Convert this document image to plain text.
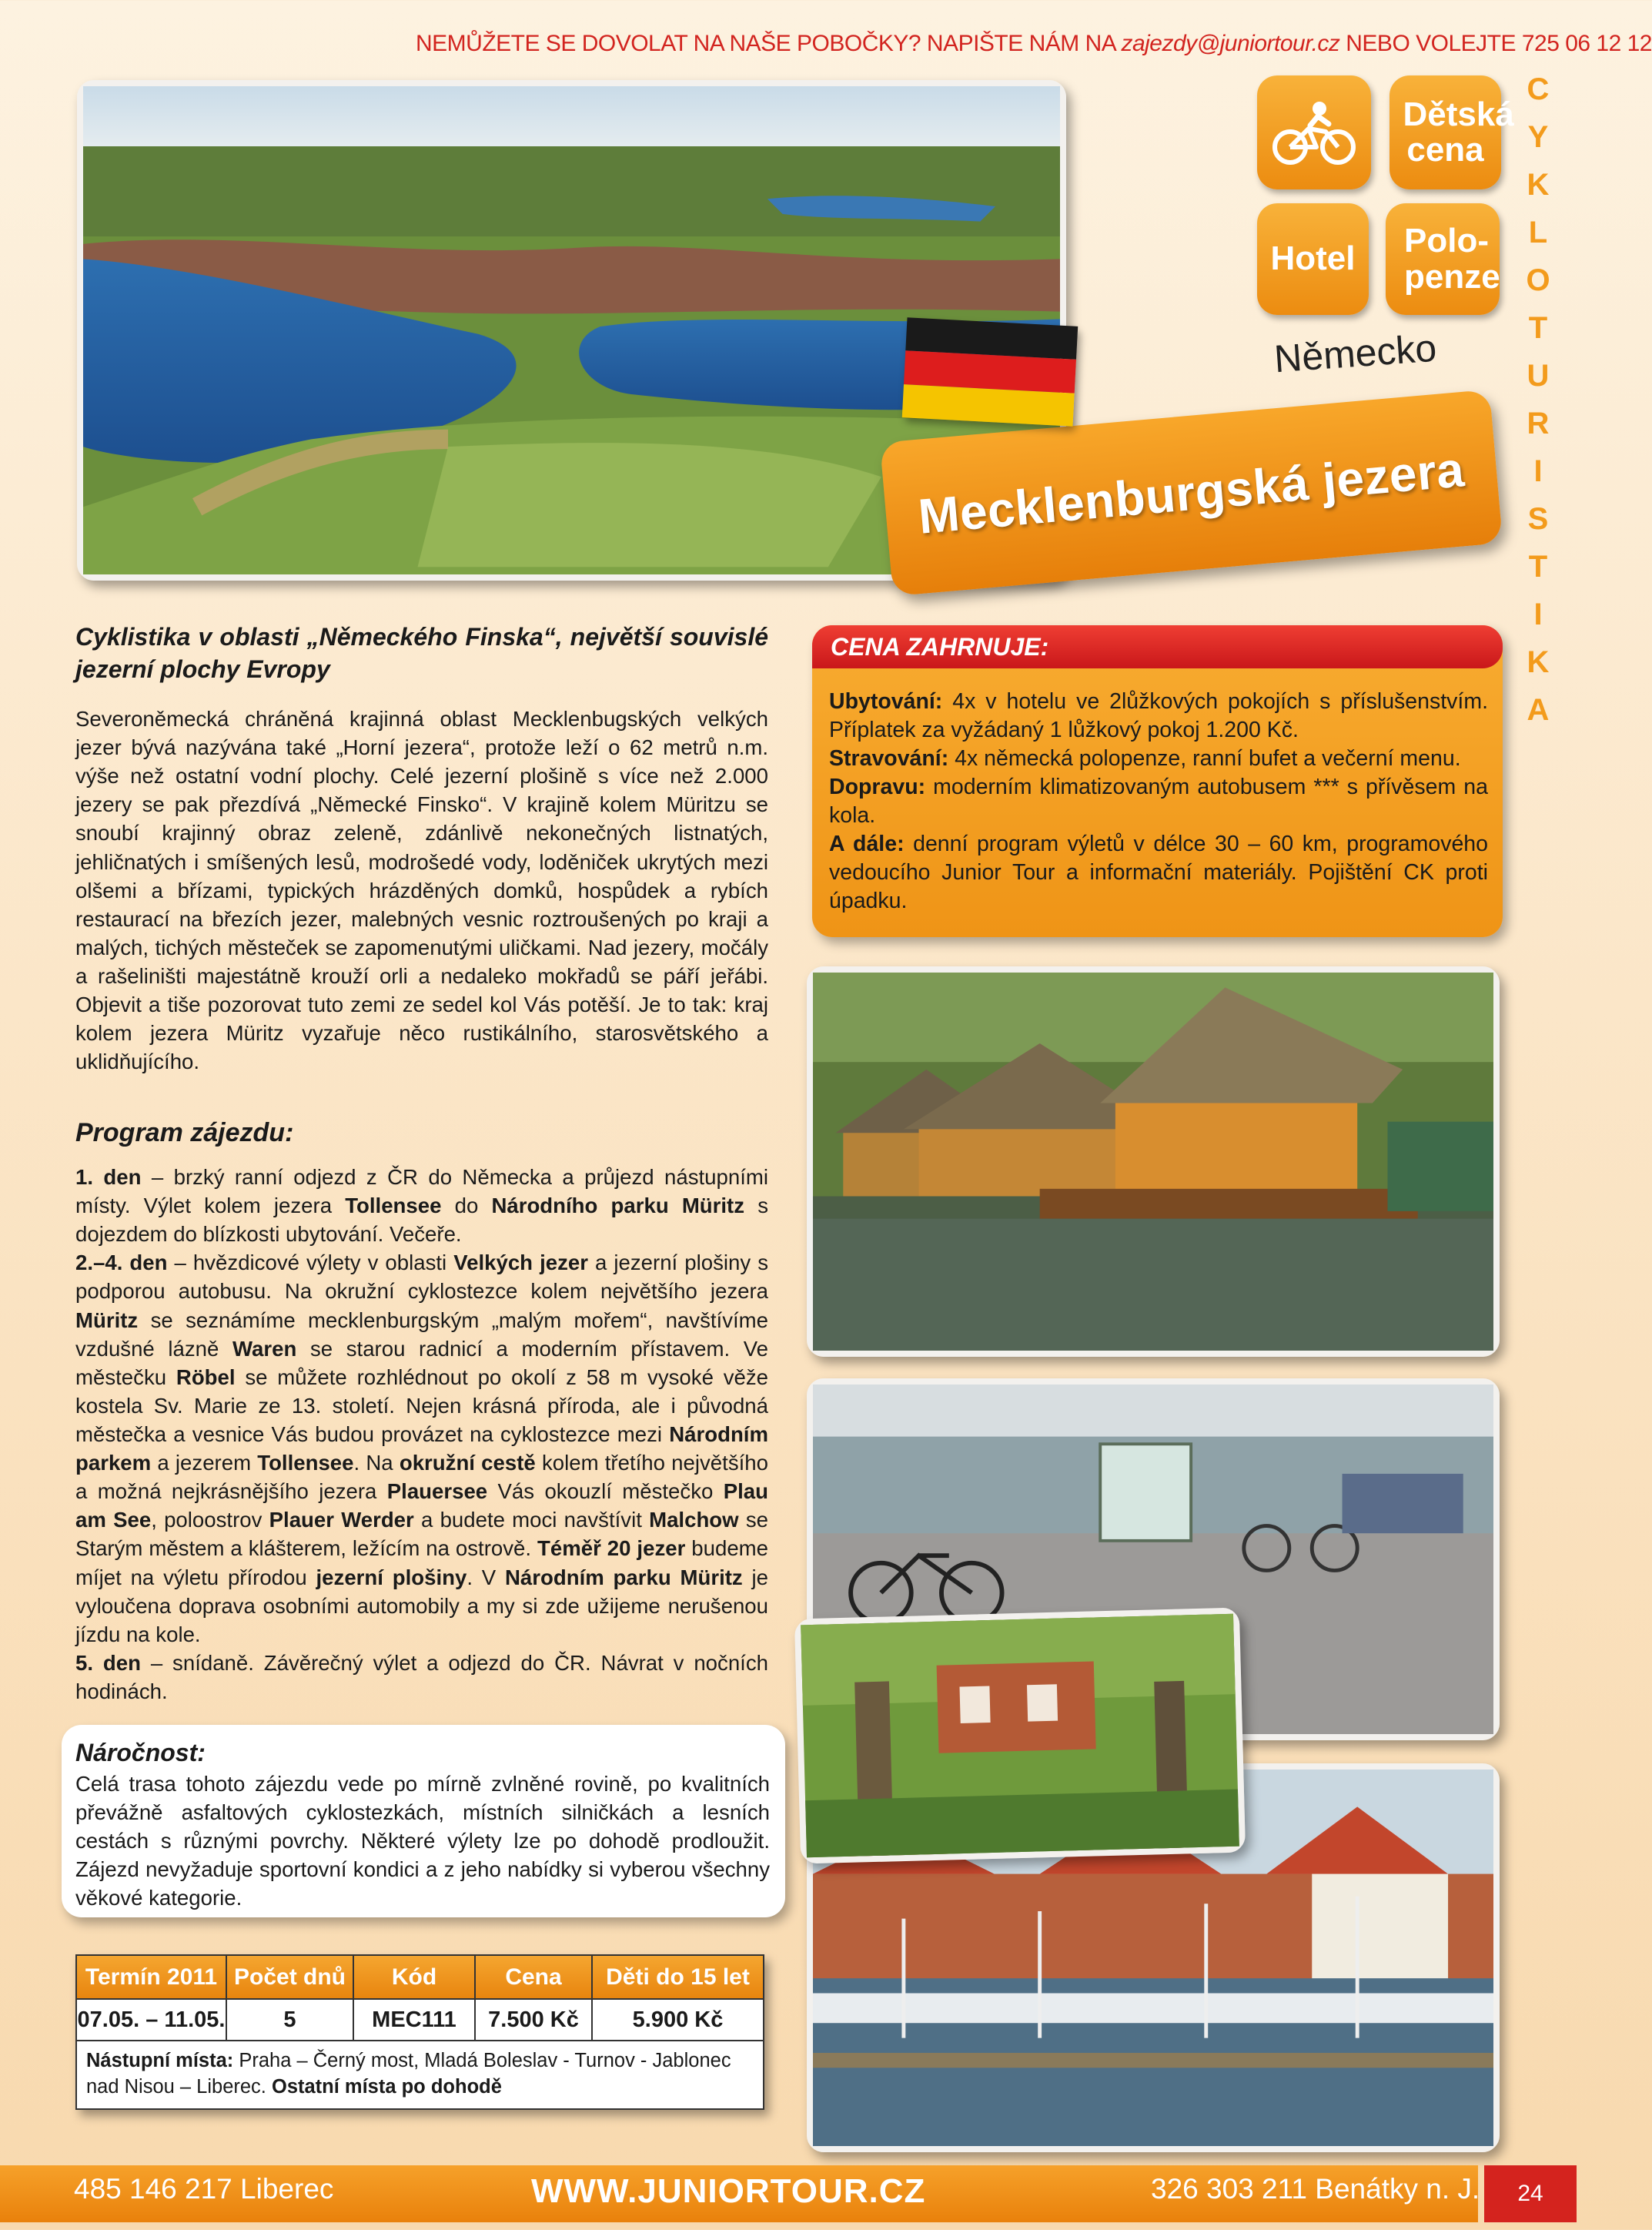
NEMŮŽETE SE DOVOLAT NA NAŠE POBOČKY? NAPIŠTE NÁM NA zajezdy@juniortour.cz NEBO VOLEJTE 725 06 12 12
Dětská cena
Hotel Polo-penze
C
Y
K
L
O
T
U
R
I
S
T
I
K
A
Německo
Mecklenburgská jezera
Cyklistika v oblasti „Německého Finska“, největší souvislé jezerní plochy Evropy
Severoněmecká chráněná krajinná oblast Mecklenbugských velkých jezer bývá nazývána také „Horní jezera“, protože leží o 62 metrů n.m. výše než ostatní vodní plochy. Celé jezerní plošině s více než 2.000 jezery se pak přezdívá „Německé Finsko“. V krajině kolem Müritzu se snoubí krajinný obraz zeleně, zdánlivě nekonečných listnatých, jehličnatých i smíšených lesů, modrošedé vody, loděniček ukrytých mezi olšemi a břízami, typických hrázděných domků, hospůdek a rybích restaurací na březích jezer, malebných vesnic roztroušených po kraji a malých, tichých městeček se zapomenutými uličkami. Nad jezery, močály a rašeliništi majestátně krouží orli a nedaleko mokřadů se páří jeřábi. Objevit a tiše pozorovat tuto zemi ze sedel kol Vás potěší. Je to tak: kraj kolem jezera Müritz vyzařuje něco rustikálního, starosvětského a uklidňujícího.
Program zájezdu:

1. den – brzký ranní odjezd z ČR do Německa a průjezd nástupními místy. Výlet kolem jezera Tollensee do Národního parku Müritz s dojezdem do blízkosti ubytování. Večeře.

2.–4. den – hvězdicové výlety v oblasti Velkých jezer a jezerní plošiny s podporou autobusu. Na okružní cyklostezce kolem největšího jezera Müritz se seznámíme mecklenburgským „malým mořem“, navštívíme vzdušné lázně Waren se starou radnicí a moderním přístavem. Ve městečku Röbel se můžete rozhlédnout po okolí z 58 m vysoké věže kostela Sv. Marie ze 13. století. Nejen krásná příroda, ale i původná městečka a vesnice Vás budou provázet na cyklostezce mezi Národním parkem a jezerem Tollensee. Na okružní cestě kolem třetího největšího a možná nejkrásnějšího jezera Plauersee Vás okouzlí městečko Plau am See, poloostrov Plauer Werder a budete moci navštívit Malchow se Starým městem a klášterem, ležícím na ostrově. Téměř 20 jezer budeme míjet na výletu přírodou jezerní plošiny. V Národním parku Müritz je vyloučena doprava osobními automobily a my si zde užijeme nerušenou jízdu na kole.

5. den – snídaně. Závěrečný výlet a odjezd do ČR. Návrat v nočních hodinách.

Náročnost:
Celá trasa tohoto zájezdu vede po mírně zvlněné rovině, po kvalitních převážně asfaltových cyklostezkách, místních silničkách a lesních cestách s různými povrchy. Některé výlety lze po dohodě prodloužit. Zájezd nevyžaduje sportovní kondici a z jeho nabídky si vyberou všechny věkové kategorie.
Termín 2011	Počet dnů	Kód	Cena	Děti do 15 let
07.05. – 11.05.	5	MEC111	7.500 Kč	5.900 Kč
Nástupní místa: Praha – Černý most, Mladá Boleslav - Turnov - Jablonec nad Nisou – Liberec. Ostatní místa po dohodě				
CENA ZAHRNUJE:
Ubytování: 4x v hotelu ve 2lůžkových pokojích s příslušenstvím. Příplatek za vyžádaný 1 lůžkový pokoj 1.200 Kč.
Stravování: 4x německá polopenze, ranní bufet a večerní menu.
Dopravu: moderním klimatizovaným autobusem *** s přívěsem na kola.
A dále: denní program výletů v délce 30 – 60 km, programového vedoucího Junior Tour a informační materiály. Pojištění CK proti úpadku.
485 146 217 Liberec	WWW.JUNIORTOUR.CZ	326 303 211 Benátky n. J.	24
